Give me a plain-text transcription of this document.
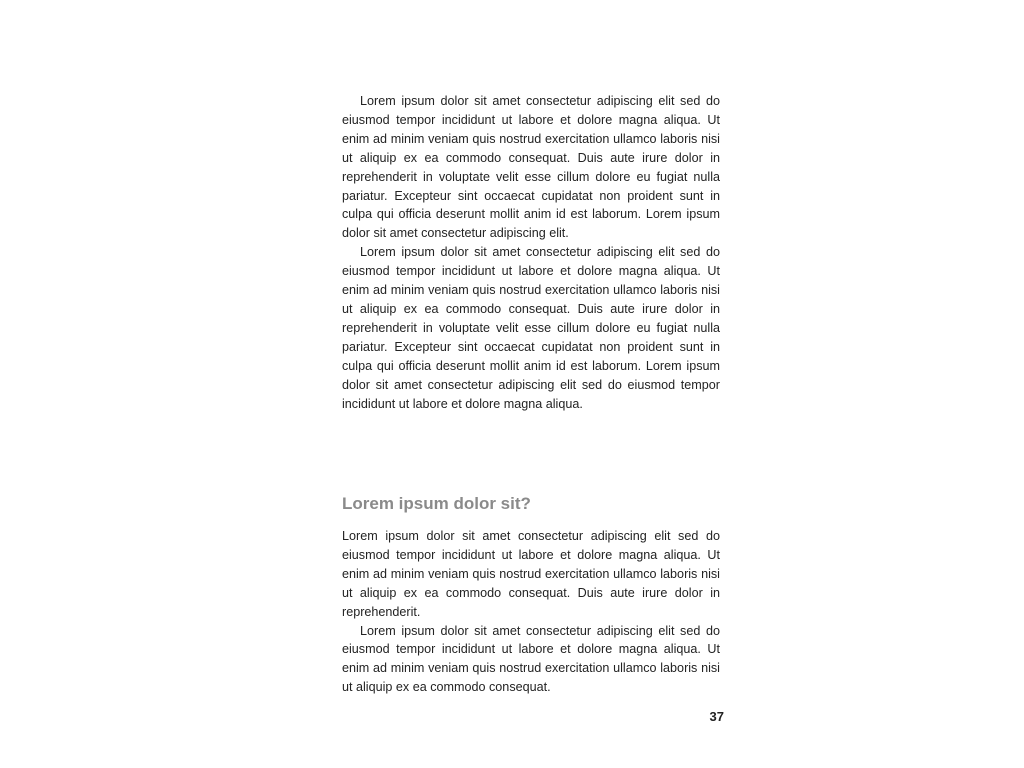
Lorem ipsum dolor sit amet consectetur adipiscing elit sed do eiusmod tempor incididunt ut labore et dolore magna aliqua. Ut enim ad minim veniam quis nostrud exercitation ullamco laboris nisi ut aliquip ex ea commodo consequat. Duis aute irure dolor in reprehenderit in voluptate velit esse cillum dolore eu fugiat nulla pariatur. Excepteur sint occaecat cupidatat non proident sunt in culpa qui officia deserunt mollit anim id est laborum. Lorem ipsum dolor sit amet consectetur adipiscing elit.

Lorem ipsum dolor sit amet consectetur adipiscing elit sed do eiusmod tempor incididunt ut labore et dolore magna aliqua. Ut enim ad minim veniam quis nostrud exercitation ullamco laboris nisi ut aliquip ex ea commodo consequat. Duis aute irure dolor in reprehenderit in voluptate velit esse cillum dolore eu fugiat nulla pariatur. Excepteur sint occaecat cupidatat non proident sunt in culpa qui officia deserunt mollit anim id est laborum. Lorem ipsum dolor sit amet consectetur adipiscing elit sed do eiusmod tempor incididunt ut labore et dolore magna aliqua.

Lorem ipsum dolor sit?

Lorem ipsum dolor sit amet consectetur adipiscing elit sed do eiusmod tempor incididunt ut labore et dolore magna aliqua. Ut enim ad minim veniam quis nostrud exercitation ullamco laboris nisi ut aliquip ex ea commodo consequat. Duis aute irure dolor in reprehenderit.

Lorem ipsum dolor sit amet consectetur adipiscing elit sed do eiusmod tempor incididunt ut labore et dolore magna aliqua. Ut enim ad minim veniam quis nostrud exercitation ullamco laboris nisi ut aliquip ex ea commodo consequat.

37
